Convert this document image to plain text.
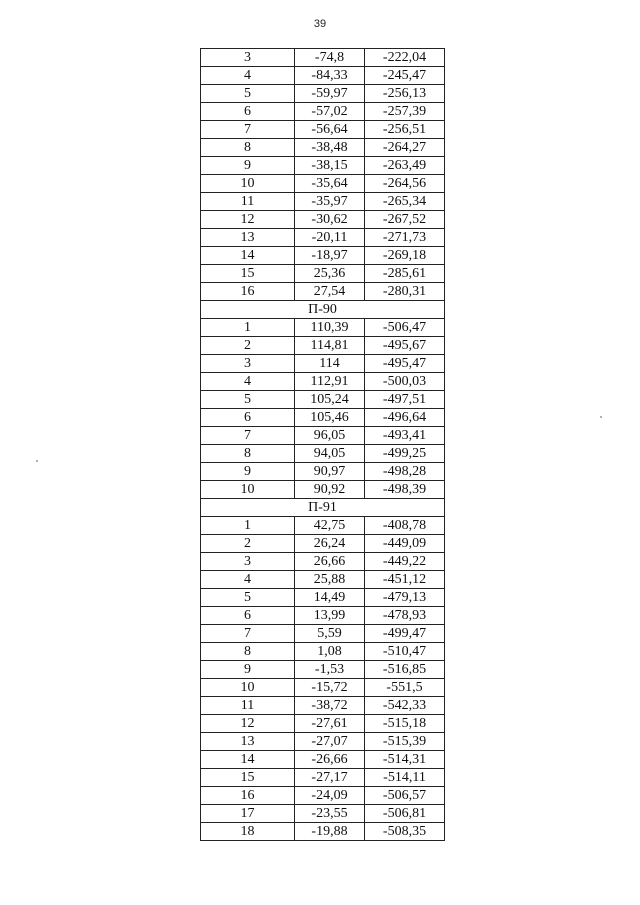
39
3	-74,8	-222,04
4	-84,33	-245,47
5	-59,97	-256,13
6	-57,02	-257,39
7	-56,64	-256,51
8	-38,48	-264,27
9	-38,15	-263,49
10	-35,64	-264,56
11	-35,97	-265,34
12	-30,62	-267,52
13	-20,11	-271,73
14	-18,97	-269,18
15	25,36	-285,61
16	27,54	-280,31
П-90		
1	110,39	-506,47
2	114,81	-495,67
3	114	-495,47
4	112,91	-500,03
5	105,24	-497,51
6	105,46	-496,64
7	96,05	-493,41
8	94,05	-499,25
9	90,97	-498,28
10	90,92	-498,39
П-91		
1	42,75	-408,78
2	26,24	-449,09
3	26,66	-449,22
4	25,88	-451,12
5	14,49	-479,13
6	13,99	-478,93
7	5,59	-499,47
8	1,08	-510,47
9	-1,53	-516,85
10	-15,72	-551,5
11	-38,72	-542,33
12	-27,61	-515,18
13	-27,07	-515,39
14	-26,66	-514,31
15	-27,17	-514,11
16	-24,09	-506,57
17	-23,55	-506,81
18	-19,88	-508,35
